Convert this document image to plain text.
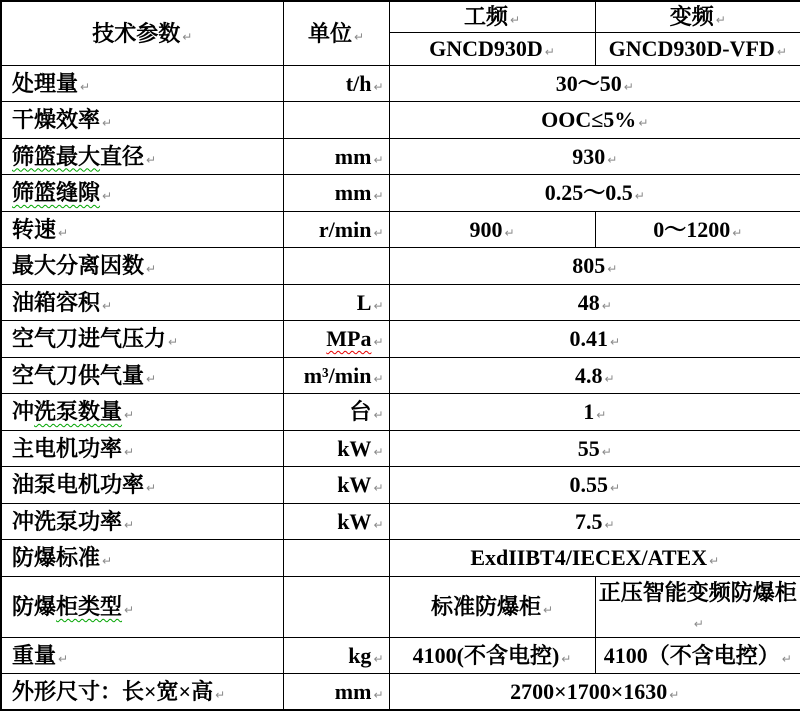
技术参数 ↵	单位 ↵	工频 ↵	变频 ↵
		GNCD930D ↵	GNCD930D-VFD ↵
处理量 ↵	t/h ↵	30～50 ↵	
干燥效率 ↵		OOC≤5% ↵	
筛篮最大直径 ↵	mm ↵	930 ↵	
筛篮缝隙 ↵	mm ↵	0.25～0.5 ↵	
转速 ↵	r/min ↵	900 ↵	0～1200 ↵
最大分离因数 ↵		805 ↵	
油箱容积 ↵	L ↵	48 ↵	
空气刀进气压力 ↵	MPa ↵	0.41 ↵	
空气刀供气量 ↵	m³/min ↵	4.8 ↵	
冲洗泵数量 ↵	台 ↵	1 ↵	
主电机功率 ↵	kW ↵	55 ↵	
油泵电机功率 ↵	kW ↵	0.55 ↵	
冲洗泵功率 ↵	kW ↵	7.5 ↵	
防爆标准 ↵		ExdIIBT4/IECEX/ATEX ↵	
防爆柜类型 ↵		标准防爆柜 ↵	正压智能变频防爆柜↵
重量 ↵	kg ↵	4100(不含电控) ↵	4100（不含电控） ↵
外形尺寸：长×宽×高 ↵	mm ↵	2700×1700×1630 ↵	
